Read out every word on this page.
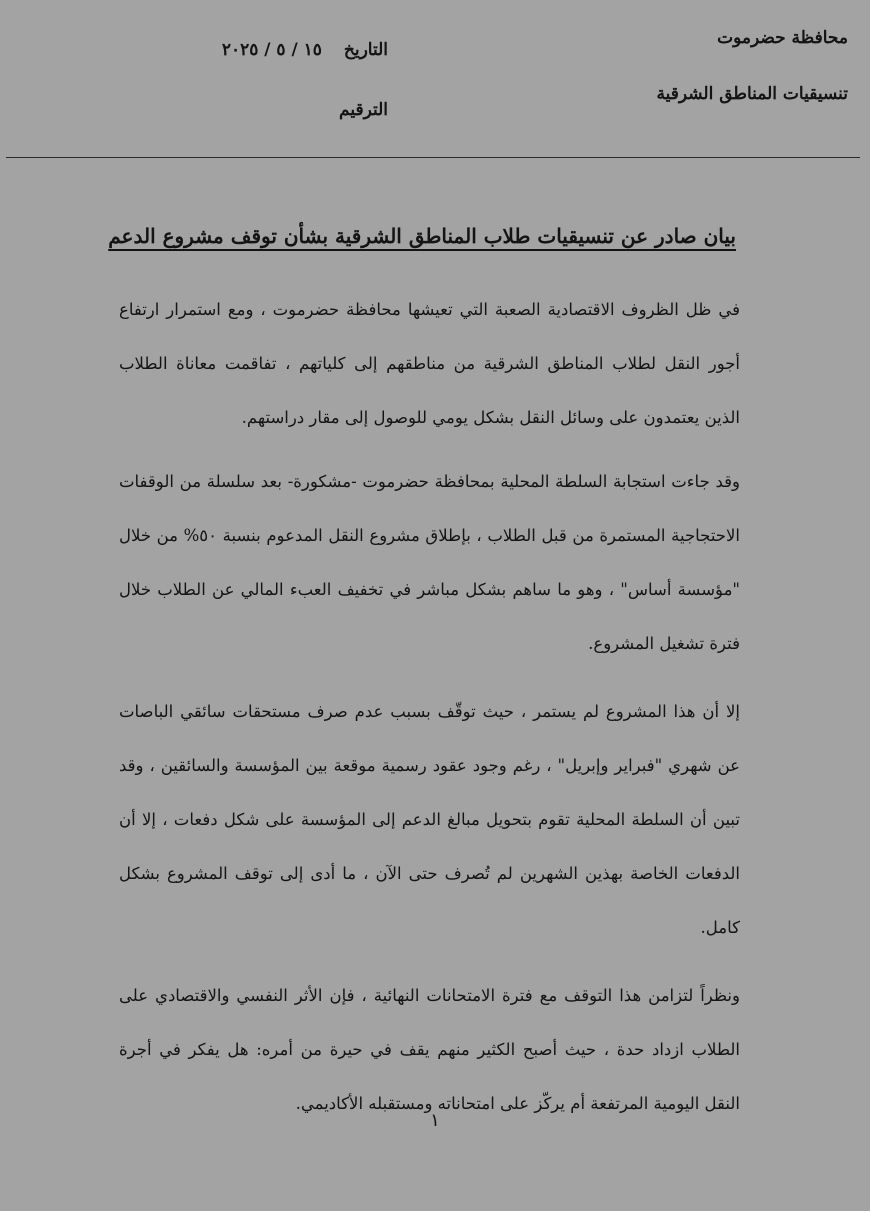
محافظة حضرموت
تنسيقيات المناطق الشرقية
التاريخ
١٥ / ٥ / ٢٠٢٥
الترقيم
بيان صادر عن تنسيقيات طلاب المناطق الشرقية بشأن توقف مشروع الدعم

في ظل الظروف الاقتصادية الصعبة التي تعيشها محافظة حضرموت ، ومع استمرار ارتفاع أجور النقل لطلاب المناطق الشرقية من مناطقهم إلى كلياتهم ، تفاقمت معاناة الطلاب الذين يعتمدون على وسائل النقل بشكل يومي للوصول إلى مقار دراستهم.

وقد جاءت استجابة السلطة المحلية بمحافظة حضرموت -مشكورة- بعد سلسلة من الوقفات الاحتجاجية المستمرة من قبل الطلاب ، بإطلاق مشروع النقل المدعوم بنسبة ٥٠% من خلال "مؤسسة أساس" ، وهو ما ساهم بشكل مباشر في تخفيف العبء المالي عن الطلاب خلال فترة تشغيل المشروع.

إلا أن هذا المشروع لم يستمر ، حيث توقّف بسبب عدم صرف مستحقات سائقي الباصات عن شهري "فبراير وإبريل" ، رغم وجود عقود رسمية موقعة بين المؤسسة والسائقين ، وقد تبين أن السلطة المحلية تقوم بتحويل مبالغ الدعم إلى المؤسسة على شكل دفعات ، إلا أن الدفعات الخاصة بهذين الشهرين لم تُصرف حتى الآن ، ما أدى إلى توقف المشروع بشكل كامل.

ونظراً لتزامن هذا التوقف مع فترة الامتحانات النهائية ، فإن الأثر النفسي والاقتصادي على الطلاب ازداد حدة ، حيث أصبح الكثير منهم يقف في حيرة من أمره: هل يفكر في أجرة النقل اليومية المرتفعة أم يركّز على امتحاناته ومستقبله الأكاديمي.

١
